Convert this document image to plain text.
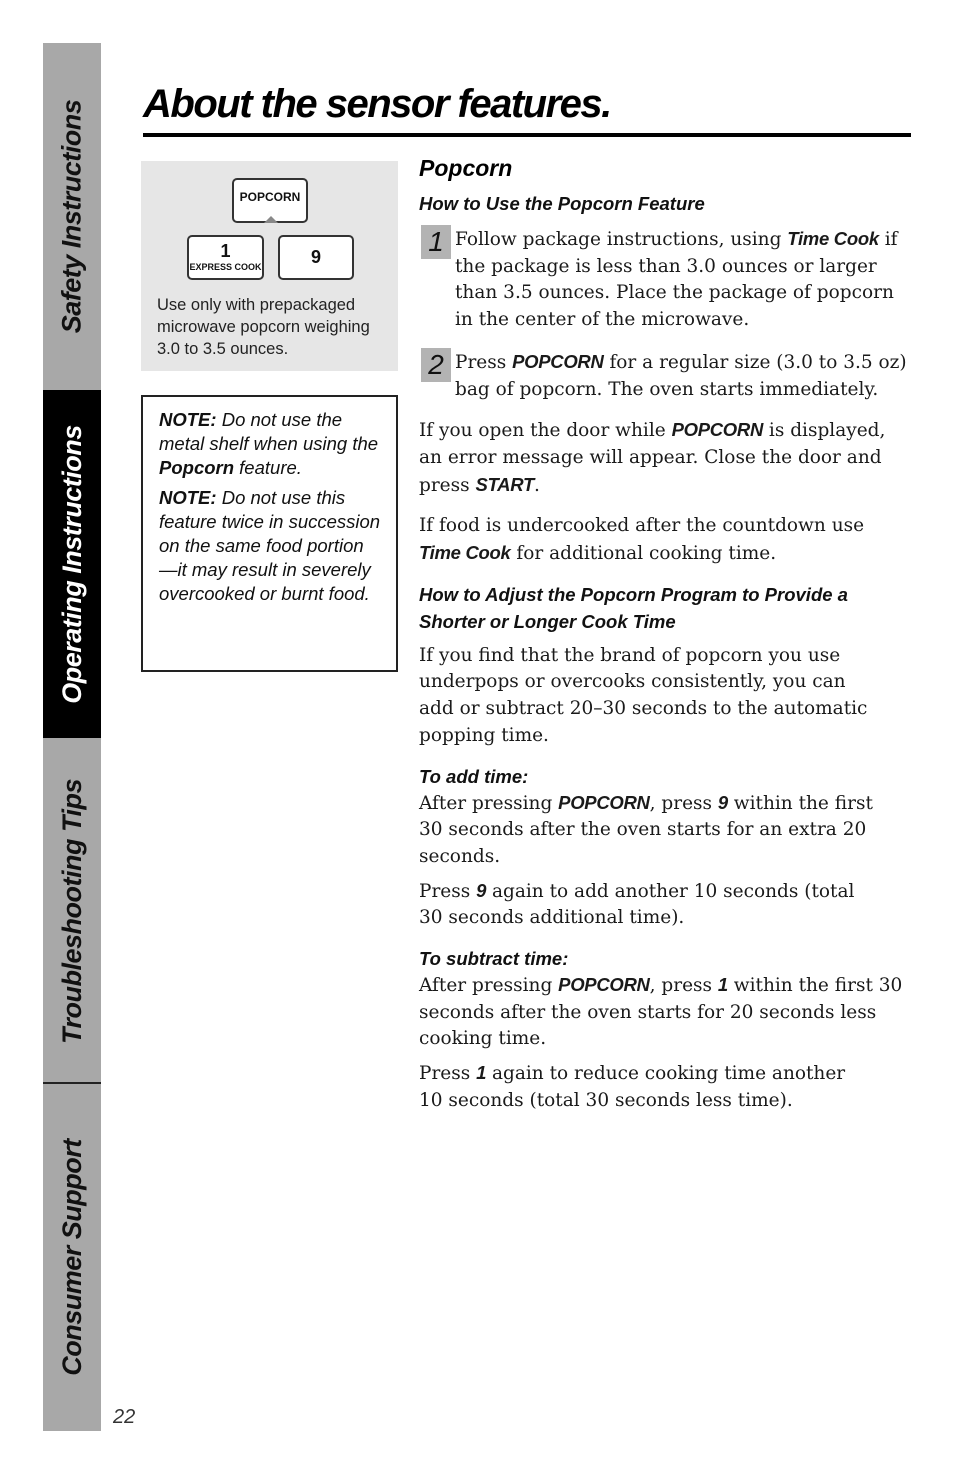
Safety Instructions
Operating Instructions
Troubleshooting Tips
Consumer Support
22
About the sensor features.
POPCORN
1
EXPRESS COOK	9

Use only with prepackaged microwave popcorn weighing 3.0 to 3.5 ounces.

NOTE: Do not use the metal shelf when using the Popcorn feature.

NOTE: Do not use this feature twice in succession on the same food portion—it may result in severely overcooked or burnt food.

Popcorn

How to Use the Popcorn Feature

1 Follow package instructions, using Time Cook if the package is less than 3.0 ounces or larger than 3.5 ounces. Place the package of popcorn in the center of the microwave.

2 Press POPCORN for a regular size (3.0 to 3.5 oz) bag of popcorn. The oven starts immediately.

If you open the door while POPCORN is displayed, an error message will appear. Close the door and press START.

If food is undercooked after the countdown use Time Cook for additional cooking time.

How to Adjust the Popcorn Program to Provide a Shorter or Longer Cook Time

If you find that the brand of popcorn you use underpops or overcooks consistently, you can add or subtract 20–30 seconds to the automatic popping time.

To add time:

After pressing POPCORN, press 9 within the first 30 seconds after the oven starts for an extra 20 seconds.

Press 9 again to add another 10 seconds (total 30 seconds additional time).

To subtract time:

After pressing POPCORN, press 1 within the first 30 seconds after the oven starts for 20 seconds less cooking time.

Press 1 again to reduce cooking time another 10 seconds (total 30 seconds less time).
